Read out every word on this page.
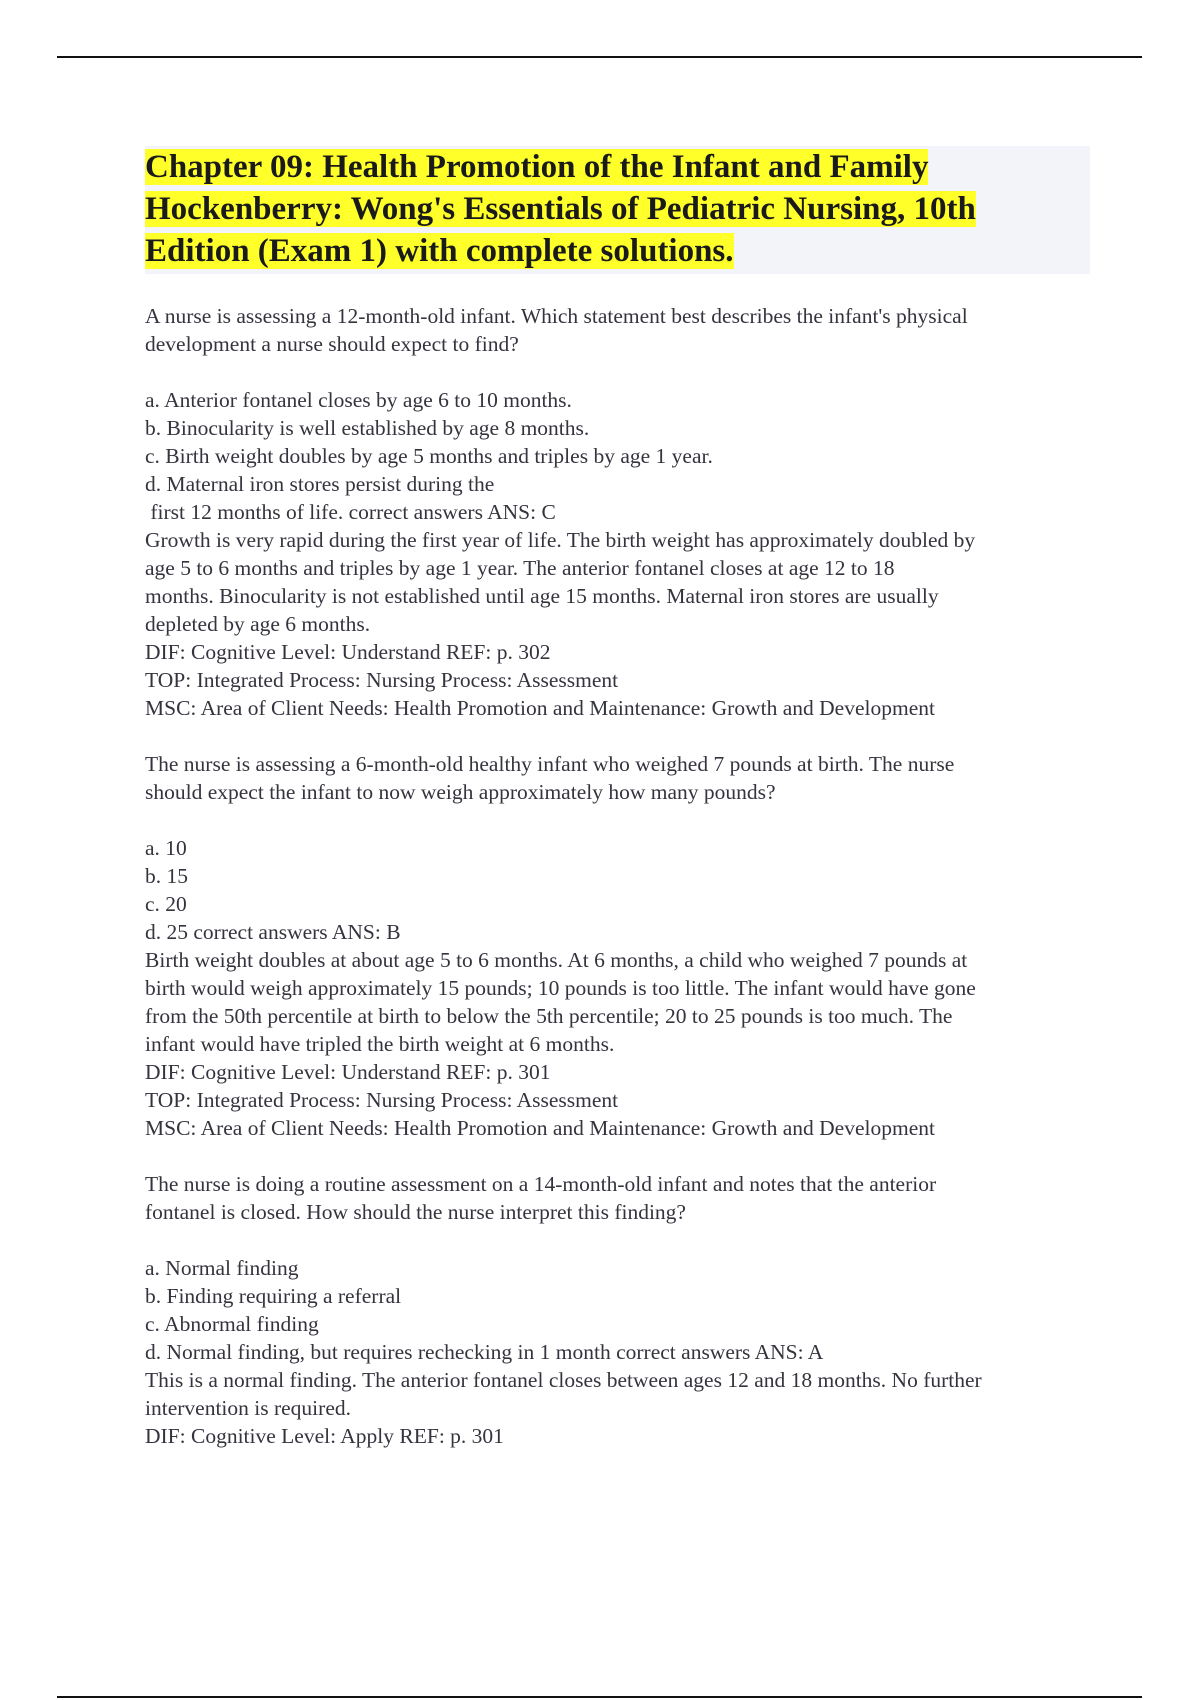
Chapter 09: Health Promotion of the Infant and Family
Hockenberry: Wong's Essentials of Pediatric Nursing, 10th
Edition (Exam 1) with complete solutions.
A nurse is assessing a 12-month-old infant. Which statement best describes the infant's physical
development a nurse should expect to find?
a. Anterior fontanel closes by age 6 to 10 months.
b. Binocularity is well established by age 8 months.
c. Birth weight doubles by age 5 months and triples by age 1 year.
d. Maternal iron stores persist during the
first 12 months of life. correct answers ANS: C
Growth is very rapid during the first year of life. The birth weight has approximately doubled by
age 5 to 6 months and triples by age 1 year. The anterior fontanel closes at age 12 to 18
months. Binocularity is not established until age 15 months. Maternal iron stores are usually
depleted by age 6 months.
DIF: Cognitive Level: Understand REF: p. 302
TOP: Integrated Process: Nursing Process: Assessment
MSC: Area of Client Needs: Health Promotion and Maintenance: Growth and Development
The nurse is assessing a 6-month-old healthy infant who weighed 7 pounds at birth. The nurse
should expect the infant to now weigh approximately how many pounds?
a. 10
b. 15
c. 20
d. 25 correct answers ANS: B
Birth weight doubles at about age 5 to 6 months. At 6 months, a child who weighed 7 pounds at
birth would weigh approximately 15 pounds; 10 pounds is too little. The infant would have gone
from the 50th percentile at birth to below the 5th percentile; 20 to 25 pounds is too much. The
infant would have tripled the birth weight at 6 months.
DIF: Cognitive Level: Understand REF: p. 301
TOP: Integrated Process: Nursing Process: Assessment
MSC: Area of Client Needs: Health Promotion and Maintenance: Growth and Development
The nurse is doing a routine assessment on a 14-month-old infant and notes that the anterior
fontanel is closed. How should the nurse interpret this finding?
a. Normal finding
b. Finding requiring a referral
c. Abnormal finding
d. Normal finding, but requires rechecking in 1 month correct answers ANS: A
This is a normal finding. The anterior fontanel closes between ages 12 and 18 months. No further
intervention is required.
DIF: Cognitive Level: Apply REF: p. 301
